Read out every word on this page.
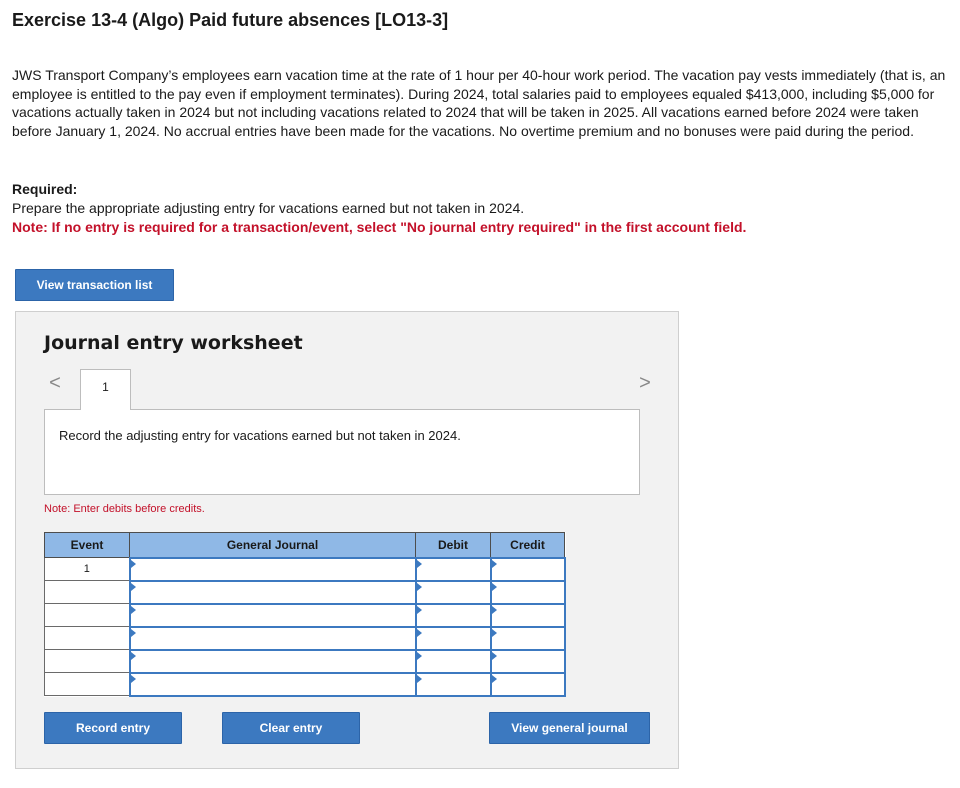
Exercise 13-4 (Algo) Paid future absences [LO13-3]

JWS Transport Company’s employees earn vacation time at the rate of 1 hour per 40-hour work period. The vacation pay vests immediately (that is, an employee is entitled to the pay even if employment terminates). During 2024, total salaries paid to employees equaled $413,000, including $5,000 for vacations actually taken in 2024 but not including vacations related to 2024 that will be taken in 2025. All vacations earned before 2024 were taken before January 1, 2024. No accrual entries have been made for the vacations. No overtime premium and no bonuses were paid during the period.

Required:
Prepare the appropriate adjusting entry for vacations earned but not taken in 2024.
Note: If no entry is required for a transaction/event, select "No journal entry required" in the first account field.
View transaction list
Journal entry worksheet
<	>
1
Record the adjusting entry for vacations earned but not taken in 2024.
Note: Enter debits before credits.
Event	General Journal	Debit	Credit
1			

Record entry	Clear entry	View general journal
